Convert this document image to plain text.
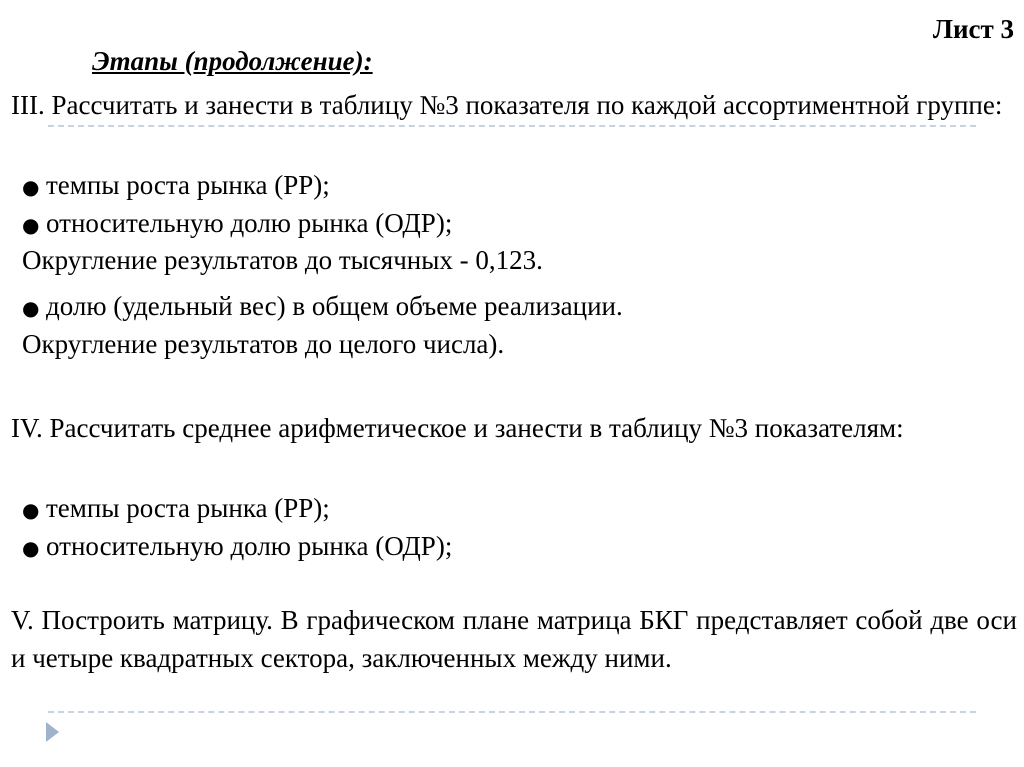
Лист 3
Этапы (продолжение):
III. Рассчитать и занести в таблицу №3 показателя по каждой ассортиментной группе:
● темпы роста рынка (РР);
● относительную долю рынка (ОДР);
Округление результатов до тысячных - 0,123.
● долю (удельный вес) в общем объеме реализации.
Округление результатов до целого числа).
IV. Рассчитать среднее арифметическое и занести в таблицу №3 показателям:
● темпы роста рынка (РР);
● относительную долю рынка (ОДР);
V. Построить матрицу. В графическом плане матрица БКГ представляет собой две оси и четыре квадратных сектора, заключенных между ними.
